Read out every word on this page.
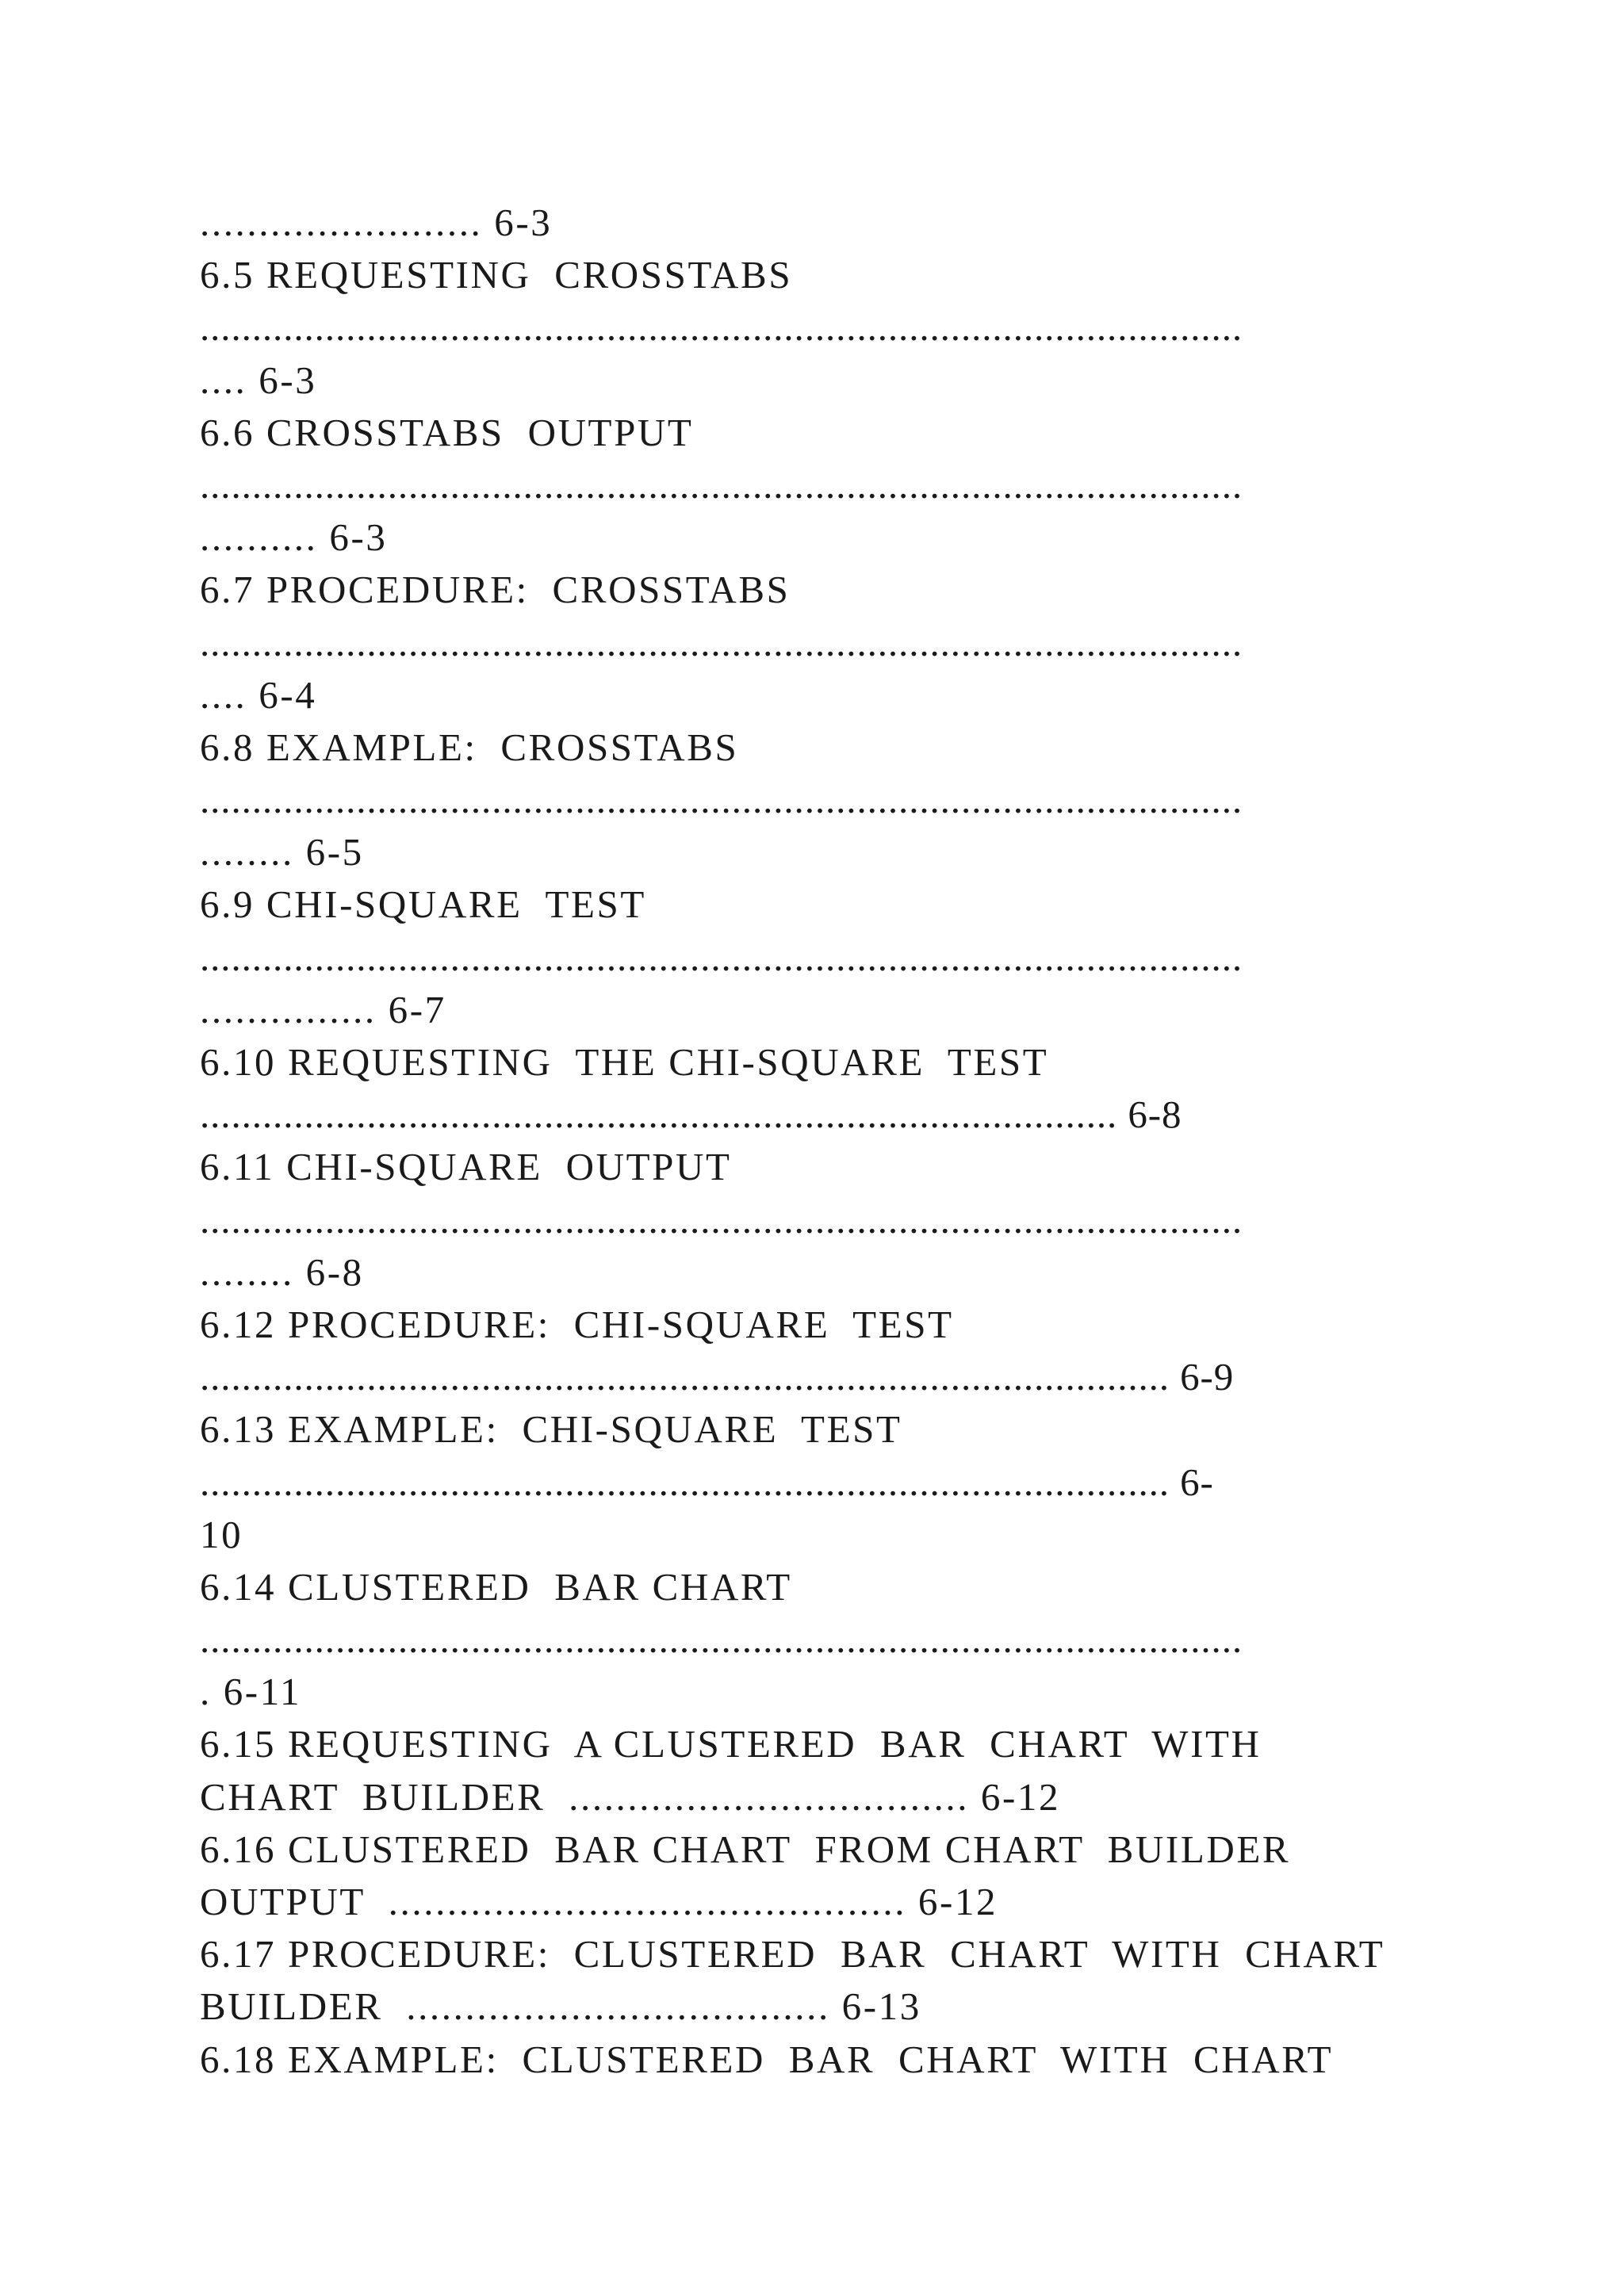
........................ 6-3
6.5 REQUESTING  CROSSTABS
....................................................................................................
.... 6-3
6.6 CROSSTABS  OUTPUT
....................................................................................................
.......... 6-3
6.7 PROCEDURE:  CROSSTABS
....................................................................................................
.... 6-4
6.8 EXAMPLE:  CROSSTABS
....................................................................................................
........ 6-5
6.9 CHI-SQUARE  TEST
....................................................................................................
............... 6-7
6.10 REQUESTING  THE CHI-SQUARE  TEST
........................................................................................ 6-8
6.11 CHI-SQUARE  OUTPUT
....................................................................................................
........ 6-8
6.12 PROCEDURE:  CHI-SQUARE  TEST
............................................................................................. 6-9
6.13 EXAMPLE:  CHI-SQUARE  TEST
............................................................................................. 6-
10
6.14 CLUSTERED  BAR CHART
....................................................................................................
. 6-11
6.15 REQUESTING  A CLUSTERED  BAR  CHART  WITH
CHART  BUILDER  .................................. 6-12
6.16 CLUSTERED  BAR CHART  FROM CHART  BUILDER
OUTPUT  ............................................ 6-12
6.17 PROCEDURE:  CLUSTERED  BAR  CHART  WITH  CHART
BUILDER  .................................... 6-13
6.18 EXAMPLE:  CLUSTERED  BAR  CHART  WITH  CHART
